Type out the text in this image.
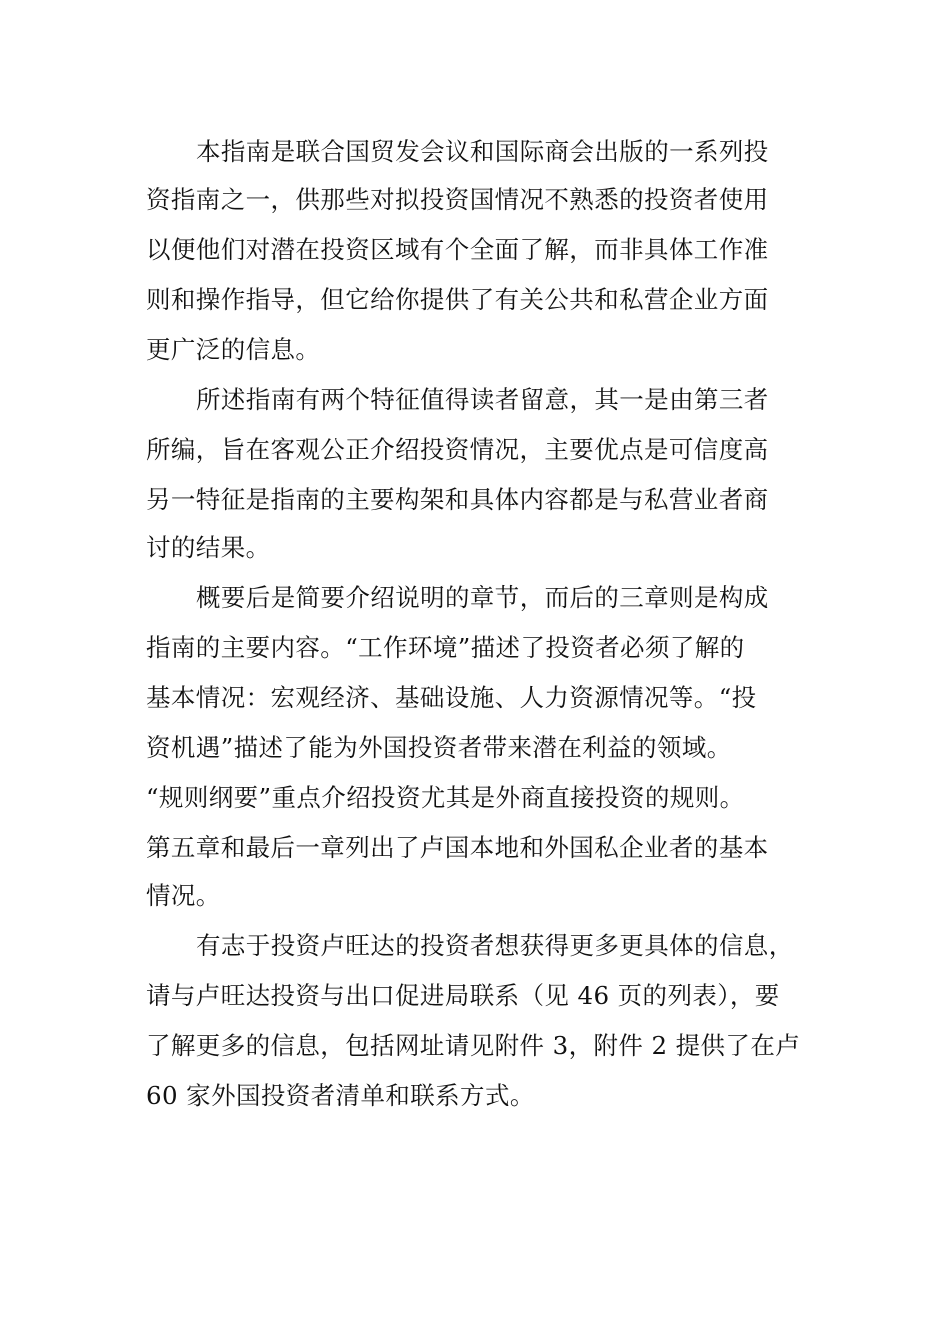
本指南是联合国贸发会议和国际商会出版的一系列投
资指南之一，供那些对拟投资国情况不熟悉的投资者使用
以便他们对潜在投资区域有个全面了解，而非具体工作准
则和操作指导，但它给你提供了有关公共和私营企业方面
更广泛的信息。
所述指南有两个特征值得读者留意，其一是由第三者
所编，旨在客观公正介绍投资情况，主要优点是可信度高
另一特征是指南的主要构架和具体内容都是与私营业者商
讨的结果。
概要后是简要介绍说明的章节，而后的三章则是构成
指南的主要内容。“工作环境”描述了投资者必须了解的
基本情况：宏观经济、基础设施、人力资源情况等。“投
资机遇”描述了能为外国投资者带来潜在利益的领域。
“规则纲要”重点介绍投资尤其是外商直接投资的规则。
第五章和最后一章列出了卢国本地和外国私企业者的基本
情况。
有志于投资卢旺达的投资者想获得更多更具体的信息，
请与卢旺达投资与出口促进局联系（见 46 页的列表），要
了解更多的信息，包括网址请见附件 3，附件 2 提供了在卢
60 家外国投资者清单和联系方式。
